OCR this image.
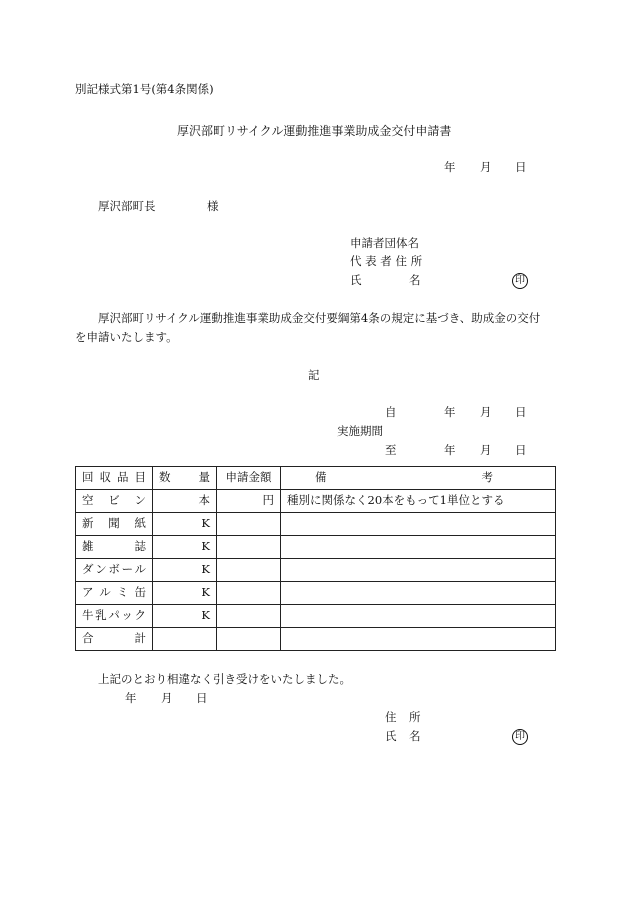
別記様式第1号(第4条関係)
厚沢部町リサイクル運動推進事業助成金交付申請書
年 月 日
厚沢部町長	様
申請者団体名
代 表 者 住 所
氏	名	印
厚沢部町リサイクル運動推進事業助成金交付要綱第4条の規定に基づき、助成金の交付
を申請いたします。
記
自	年 月 日
実施期間
至	年 月 日
回収品目	数量	申請金額	備 考

空ビン	本	円	種別に関係なく20本をもって1単位とする
新聞紙	K		
雑誌	K		
ダンボール	K		
アルミ缶	K		
牛乳パック	K		
合計			
上記のとおり相違なく引き受けをいたしました。
年 月 日
住 所
氏 名	印
